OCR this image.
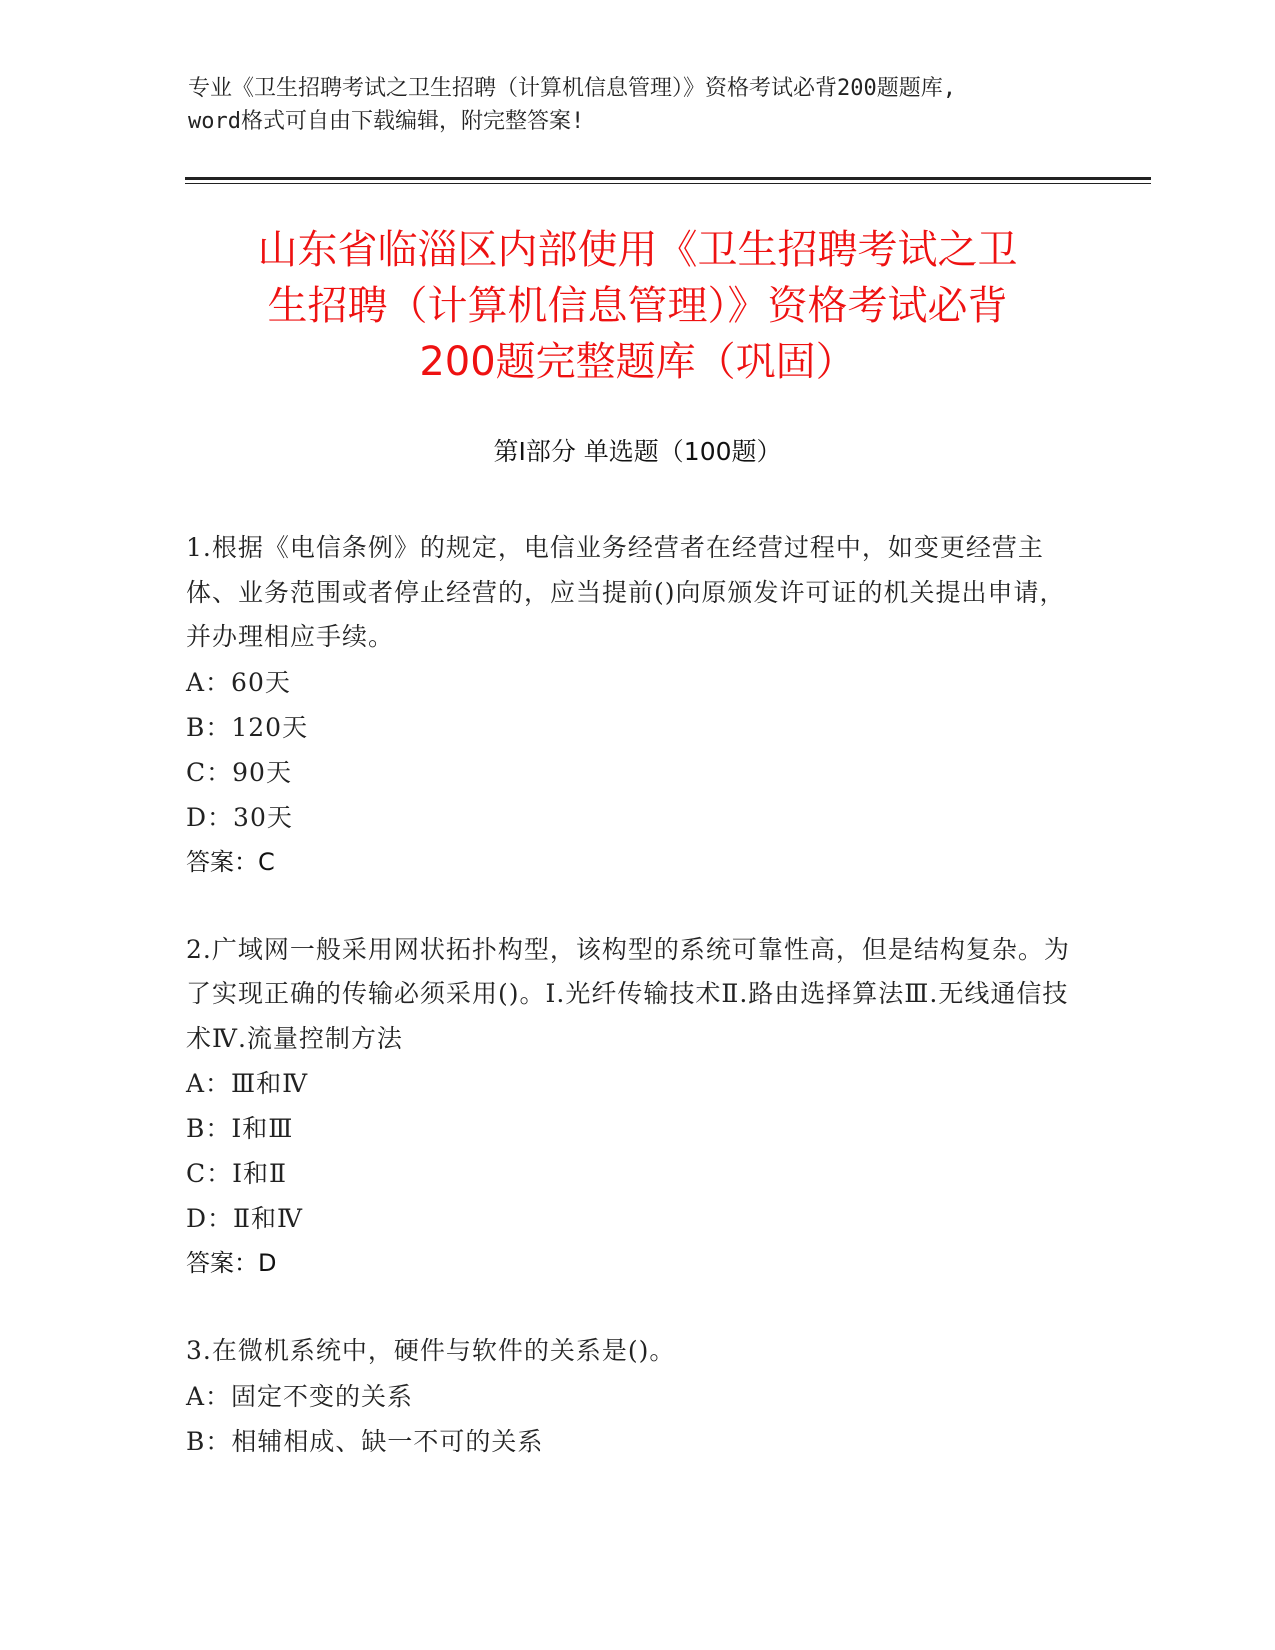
专业《卫生招聘考试之卫生招聘（计算机信息管理）》资格考试必背200题题库,
word格式可自由下载编辑，附完整答案!
山东省临淄区内部使用《卫生招聘考试之卫
生招聘（计算机信息管理）》资格考试必背
200题完整题库（巩固）
第I部分 单选题（100题）
1.根据《电信条例》的规定，电信业务经营者在经营过程中，如变更经营主体、业务范围或者停止经营的，应当提前()向原颁发许可证的机关提出申请，并办理相应手续。
A：60天
B：120天
C：90天
D：30天
答案：C
2.广域网一般采用网状拓扑构型，该构型的系统可靠性高，但是结构复杂。为了实现正确的传输必须采用()。Ⅰ.光纤传输技术Ⅱ.路由选择算法Ⅲ.无线通信技术Ⅳ.流量控制方法
A：Ⅲ和Ⅳ
B：Ⅰ和Ⅲ
C：Ⅰ和Ⅱ
D：Ⅱ和Ⅳ
答案：D
3.在微机系统中，硬件与软件的关系是()。
A：固定不变的关系
B：相辅相成、缺一不可的关系
